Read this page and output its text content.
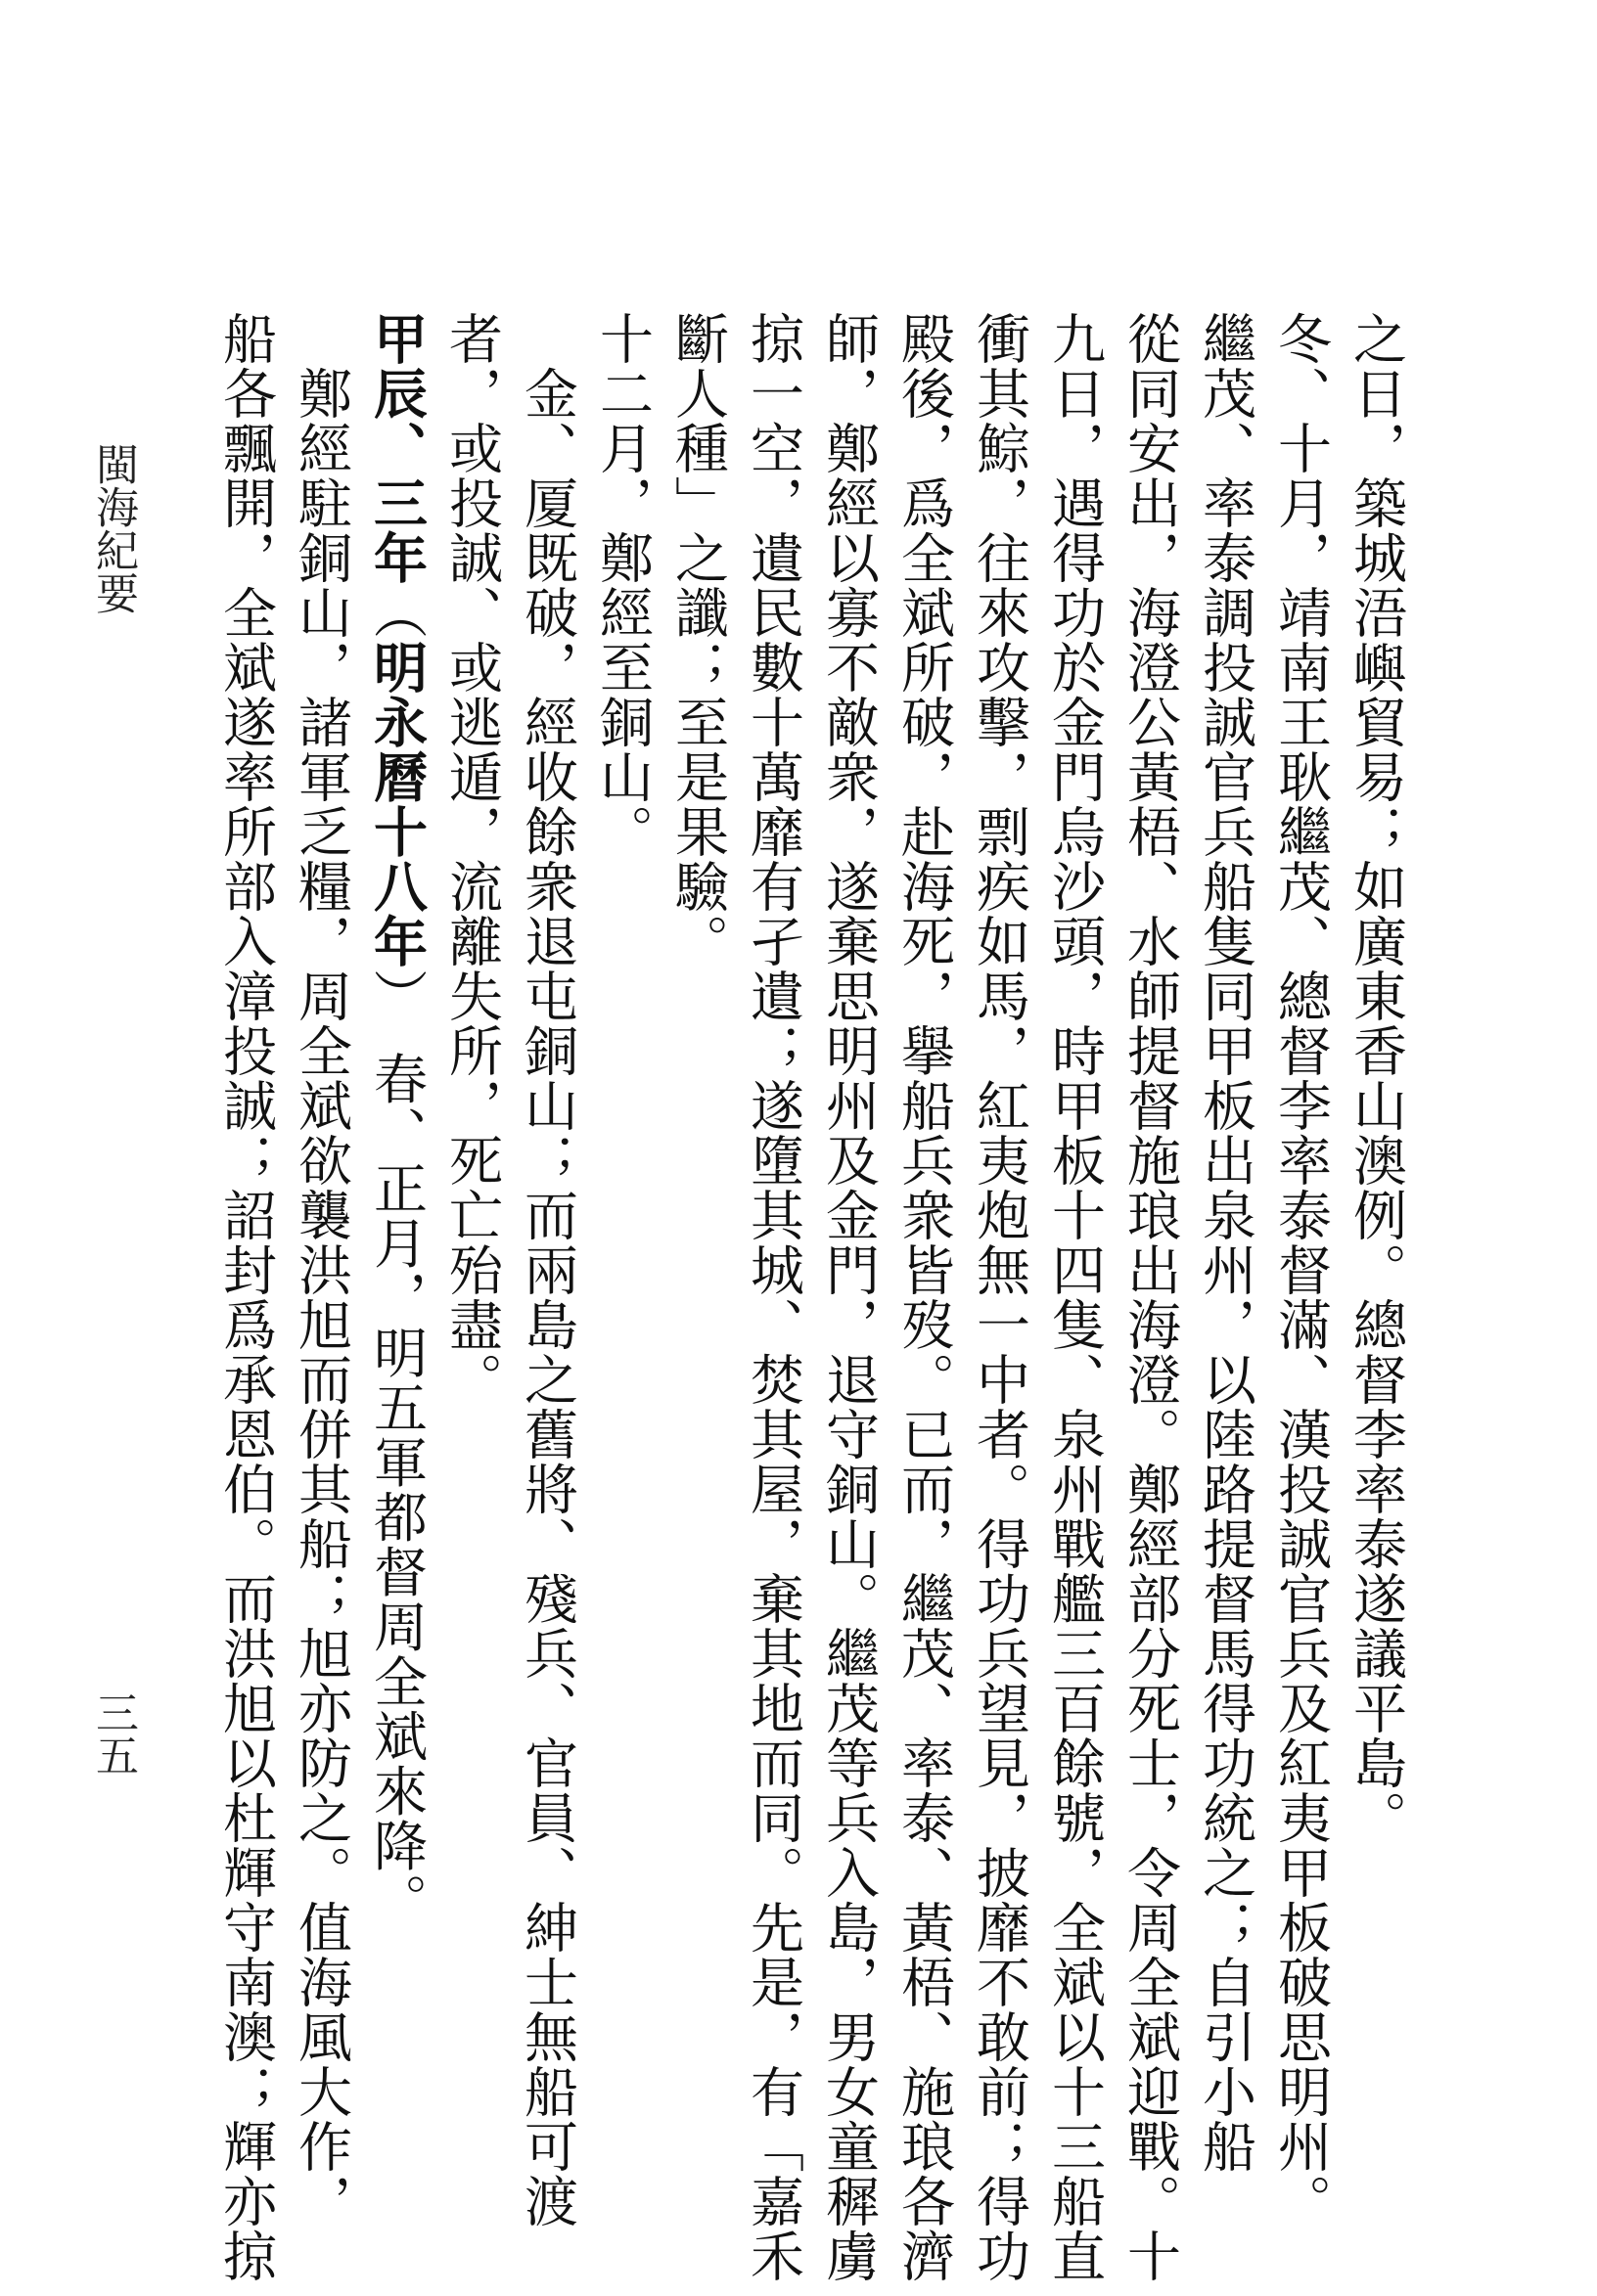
閩海紀要
三五	之日，築城浯嶼貿易；如廣東香山澳例。總督李率泰遂議平島。
冬、十月，靖南王耿繼茂、總督李率泰督滿、漢投誠官兵及紅夷甲板破思明州。
繼茂、率泰調投誠官兵船隻同甲板出泉州，以陸路提督馬得功統之；自引小船
從同安出，海澄公黃梧、水師提督施琅出海澄。鄭經部分死士，令周全斌迎戰。十
九日，遇得功於金門烏沙頭，時甲板十四隻、泉州戰艦三百餘號，全斌以十三船直
衝其鯮，往來攻擊，剽疾如馬，紅夷炮無一中者。得功兵望見，披靡不敢前；得功
殿後，爲全斌所破，赴海死，擧船兵衆皆歿。已而，繼茂、率泰、黃梧、施琅各濟
師，鄭經以寡不敵衆，遂棄思明州及金門，退守銅山。繼茂等兵入島，男女童穉虜
掠一空，遺民數十萬靡有孑遺；遂墮其城、焚其屋，棄其地而同。先是，有「嘉禾
斷人種」之讖；至是果驗。
十二月，鄭經至銅山。
　金、厦既破，經收餘衆退屯銅山；而兩島之舊將、殘兵、官員、紳士無船可渡
者，或投誠、或逃遁，流離失所，死亡殆盡。
甲辰、三年（明永曆十八年）　春、正月，明五軍都督周全斌來降。
　鄭經駐銅山，諸軍乏糧，周全斌欲襲洪旭而併其船；旭亦防之。值海風大作，
船各飄開，全斌遂率所部入漳投誠；詔封爲承恩伯。而洪旭以杜輝守南澳；輝亦掠
